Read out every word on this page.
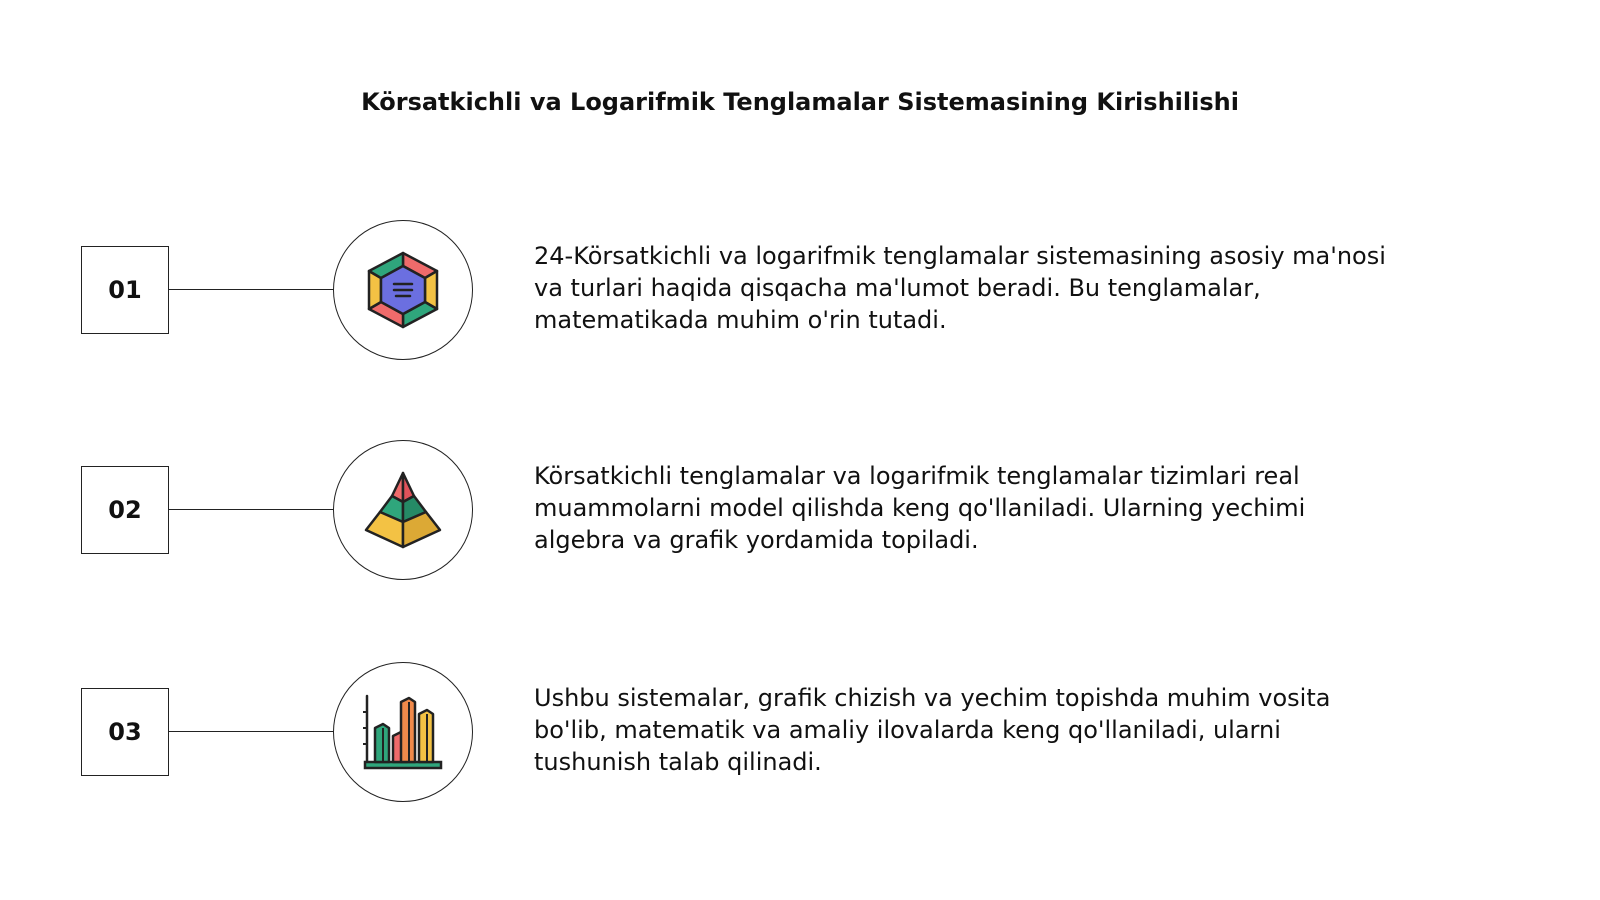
Körsatkichli va Logarifmik Tenglamalar Sistemasining Kirishilishi
01
24-Körsatkichli va logarifmik tenglamalar sistemasining asosiy ma'nosi
va turlari haqida qisqacha ma'lumot beradi. Bu tenglamalar,
matematikada muhim o'rin tutadi.
02
Körsatkichli tenglamalar va logarifmik tenglamalar tizimlari real
muammolarni model qilishda keng qo'llaniladi. Ularning yechimi
algebra va grafik yordamida topiladi.
03
Ushbu sistemalar, grafik chizish va yechim topishda muhim vosita
bo'lib, matematik va amaliy ilovalarda keng qo'llaniladi, ularni
tushunish talab qilinadi.
